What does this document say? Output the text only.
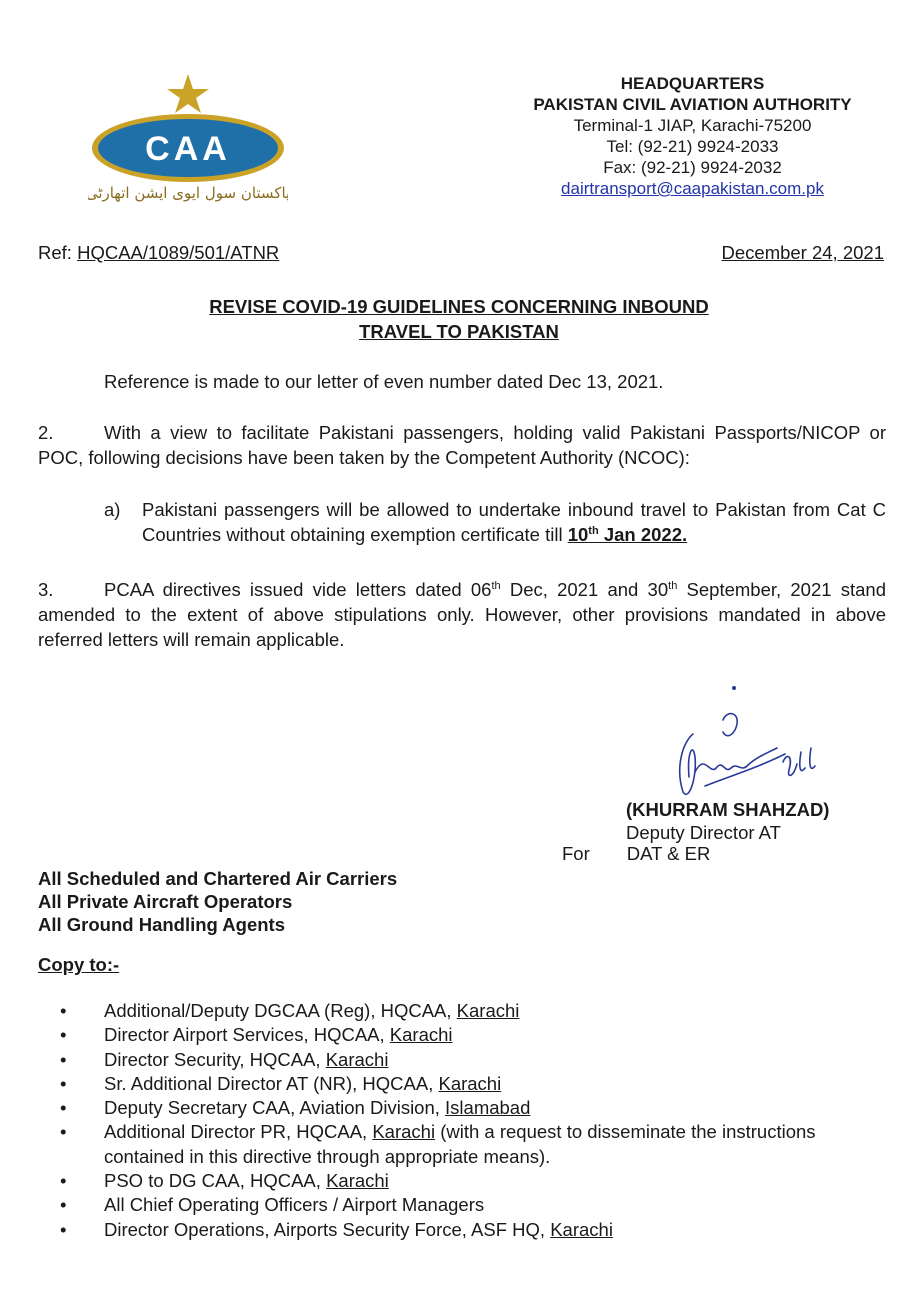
CAA
پاکستان سول ایوی ایشن اتھارٹی
HEADQUARTERS
PAKISTAN CIVIL AVIATION AUTHORITY
Terminal-1 JIAP, Karachi-75200
Tel: (92-21) 9924-2033
Fax: (92-21) 9924-2032
dairtransport@caapakistan.com.pk
Ref: HQCAA/1089/501/ATNR	December 24, 2021
REVISE COVID-19 GUIDELINES CONCERNING INBOUND
TRAVEL TO PAKISTAN
Reference is made to our letter of even number dated Dec 13, 2021.
2.	With a view to facilitate Pakistani passengers, holding valid Pakistani Passports/NICOP or POC, following decisions have been taken by the Competent Authority (NCOC):
a) Pakistani passengers will be allowed to undertake inbound travel to Pakistan from Cat C Countries without obtaining exemption certificate till 10th Jan 2022.
3.	PCAA directives issued vide letters dated 06th Dec, 2021 and 30th September, 2021 stand amended to the extent of above stipulations only. However, other provisions mandated in above referred letters will remain applicable.
(KHURRAM SHAHZAD)
Deputy Director AT
For DAT & ER
All Scheduled and Chartered Air Carriers
All Private Aircraft Operators
All Ground Handling Agents
Copy to:-
• Additional/Deputy DGCAA (Reg), HQCAA, Karachi
• Director Airport Services, HQCAA, Karachi
• Director Security, HQCAA, Karachi
• Sr. Additional Director AT (NR), HQCAA, Karachi
• Deputy Secretary CAA, Aviation Division, Islamabad
• Additional Director PR, HQCAA, Karachi (with a request to disseminate the instructions contained in this directive through appropriate means).
• PSO to DG CAA, HQCAA, Karachi
• All Chief Operating Officers / Airport Managers
• Director Operations, Airports Security Force, ASF HQ, Karachi
